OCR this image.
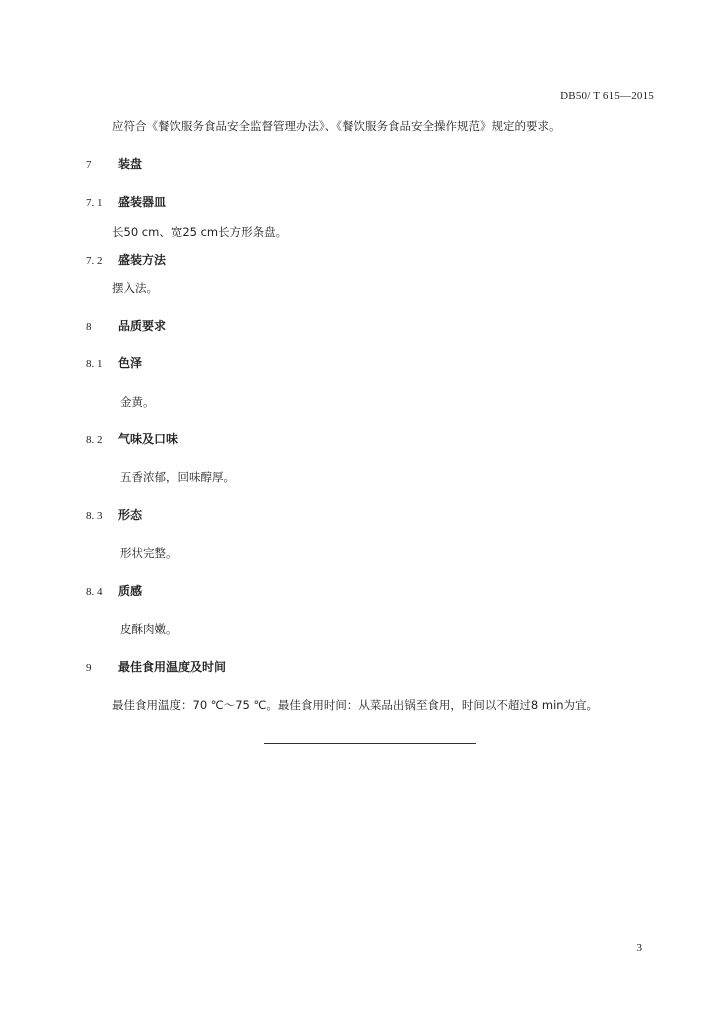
DB50/ T 615—2015
应符合《餐饮服务食品安全监督管理办法》、《餐饮服务食品安全操作规范》规定的要求。
7 装盘
7. 1 盛装器皿
长50 cm、宽25 cm长方形条盘。
7. 2 盛装方法
摆入法。
8 品质要求
8. 1 色泽
金黄。
8. 2 气味及口味
五香浓郁，回味醇厚。
8. 3 形态
形状完整。
8. 4 质感
皮酥肉嫩。
9 最佳食用温度及时间
最佳食用温度：70 ℃～75 ℃。最佳食用时间：从菜品出锅至食用，时间以不超过8 min为宜。
3
